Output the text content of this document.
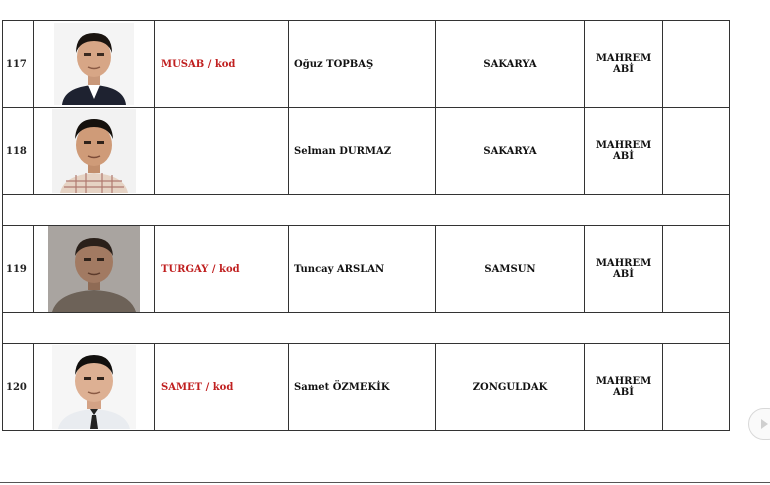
117		MUSAB / kod	Oğuz TOPBAŞ	SAKARYA	MAHREM
ABİ	
118			Selman DURMAZ	SAKARYA	MAHREM
ABİ	

119		TURGAY / kod	Tuncay ARSLAN	SAMSUN	MAHREM
ABİ	

120		SAMET / kod	Samet ÖZMEKİK	ZONGULDAK	MAHREM
ABİ	
